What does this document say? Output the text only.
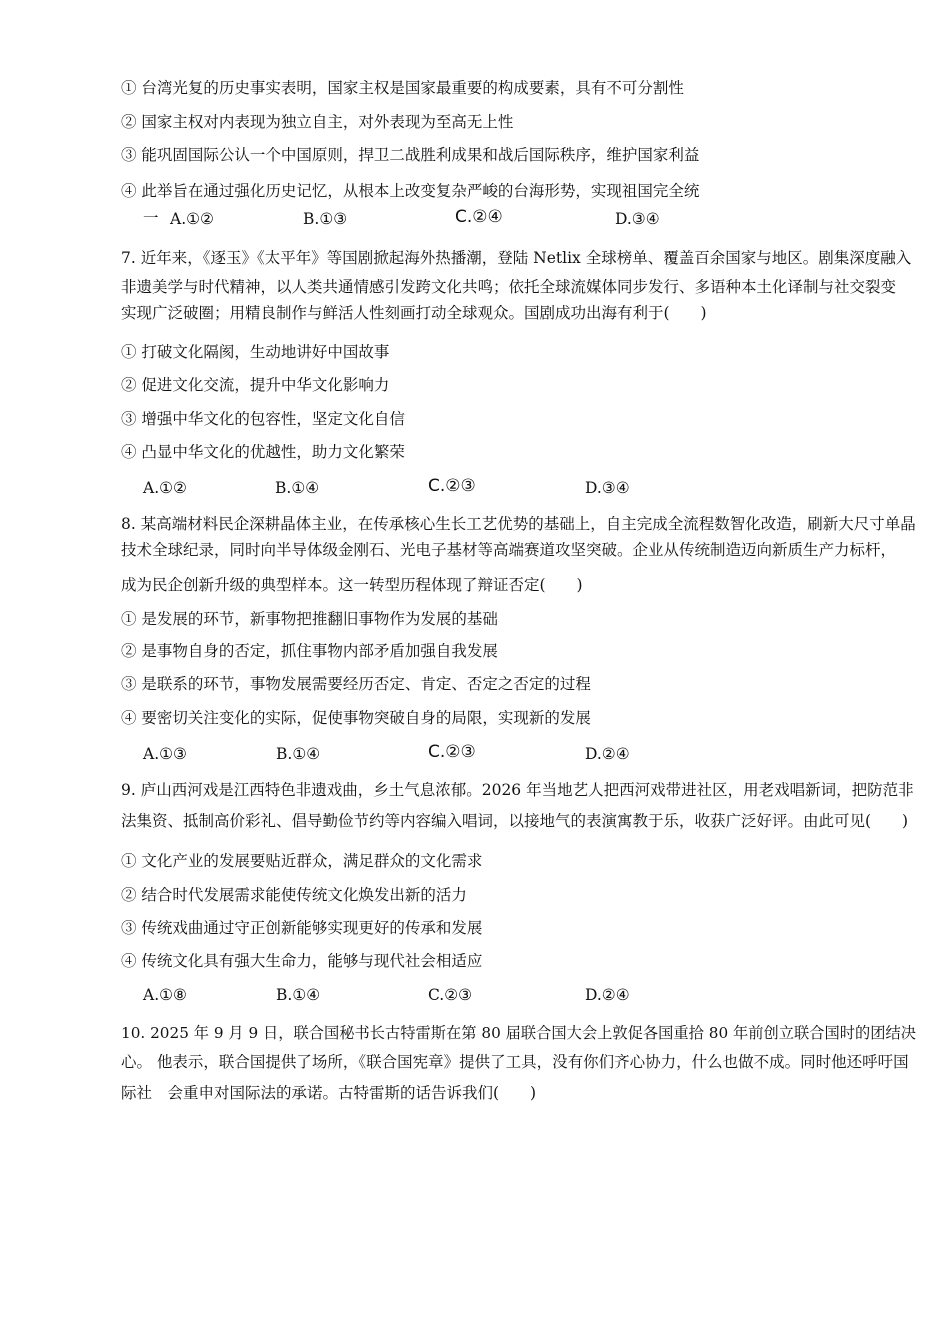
① 台湾光复的历史事实表明，国家主权是国家最重要的构成要素，具有不可分割性
② 国家主权对内表现为独立自主，对外表现为至高无上性
③ 能巩固国际公认一个中国原则，捍卫二战胜利成果和战后国际秩序，维护国家利益
④ 此举旨在通过强化历史记忆，从根本上改变复杂严峻的台海形势，实现祖国完全统
一 A.①②	B.①③	C.②④	D.③④
7. 近年来，《逐玉》《太平年》等国剧掀起海外热播潮，登陆 Netlix 全球榜单、覆盖百余国家与地区。剧集深度融入
非遗美学与时代精神，以人类共通情感引发跨文化共鸣；依托全球流媒体同步发行、多语种本土化译制与社交裂变
实现广泛破圈；用精良制作与鲜活人性刻画打动全球观众。国剧成功出海有利于(　　)
① 打破文化隔阂，生动地讲好中国故事
② 促进文化交流，提升中华文化影响力
③ 增强中华文化的包容性，坚定文化自信
④ 凸显中华文化的优越性，助力文化繁荣
A.①②	B.①④	C.②③	D.③④
8. 某高端材料民企深耕晶体主业，在传承核心生长工艺优势的基础上，自主完成全流程数智化改造，刷新大尺寸单晶
技术全球纪录，同时向半导体级金刚石、光电子基材等高端赛道攻坚突破。企业从传统制造迈向新质生产力标杆，
成为民企创新升级的典型样本。这一转型历程体现了辩证否定(　　)
① 是发展的环节，新事物把推翻旧事物作为发展的基础
② 是事物自身的否定，抓住事物内部矛盾加强自我发展
③ 是联系的环节，事物发展需要经历否定、肯定、否定之否定的过程
④ 要密切关注变化的实际，促使事物突破自身的局限，实现新的发展
A.①③	B.①④	C.②③	D.②④
9. 庐山西河戏是江西特色非遗戏曲，乡土气息浓郁。2026 年当地艺人把西河戏带进社区，用老戏唱新词，把防范非
法集资、抵制高价彩礼、倡导勤俭节约等内容编入唱词，以接地气的表演寓教于乐，收获广泛好评。由此可见(　　)
① 文化产业的发展要贴近群众，满足群众的文化需求
② 结合时代发展需求能使传统文化焕发出新的活力
③ 传统戏曲通过守正创新能够实现更好的传承和发展
④ 传统文化具有强大生命力，能够与现代社会相适应
A.①⑧	B.①④	C.②③	D.②④
10. 2025 年 9 月 9 日，联合国秘书长古特雷斯在第 80 届联合国大会上敦促各国重拾 80 年前创立联合国时的团结决
心。 他表示，联合国提供了场所，《联合国宪章》提供了工具，没有你们齐心协力，什么也做不成。同时他还呼吁国
际社　会重申对国际法的承诺。古特雷斯的话告诉我们(　　)
